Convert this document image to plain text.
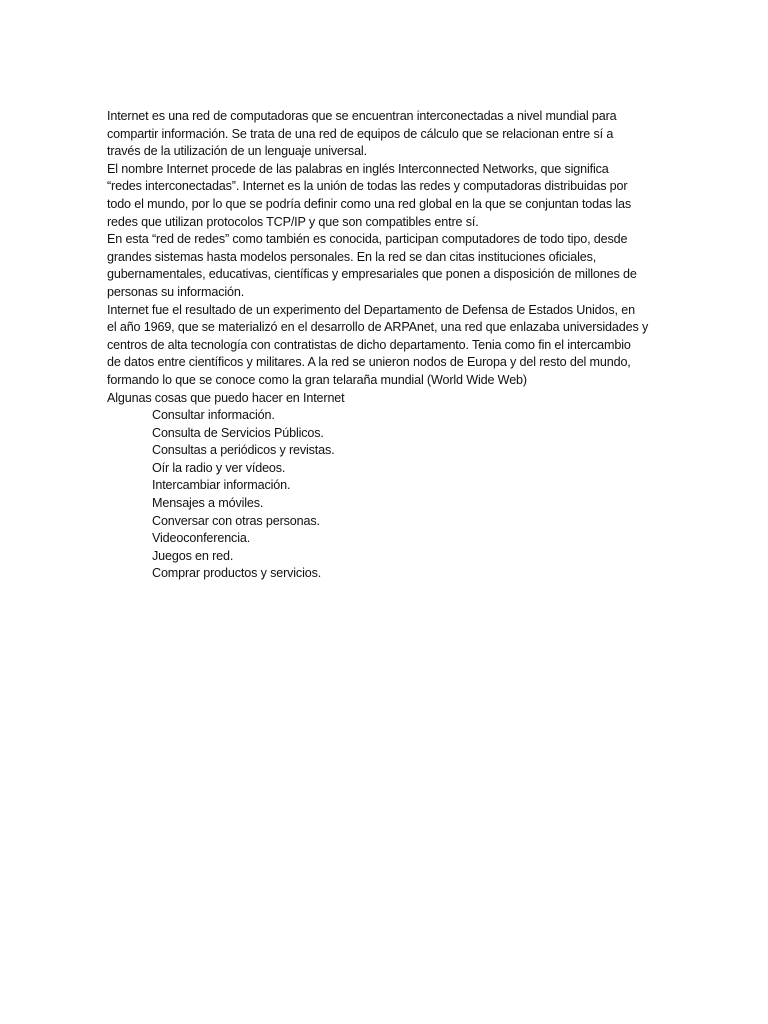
Internet es una red de computadoras que se encuentran interconectadas a nivel mundial para
compartir información. Se trata de una red de equipos de cálculo que se relacionan entre sí a
través de la utilización de un lenguaje universal.

El nombre Internet procede de las palabras en inglés Interconnected Networks, que significa
“redes interconectadas”. Internet es la unión de todas las redes y computadoras distribuidas por
todo el mundo, por lo que se podría definir como una red global en la que se conjuntan todas las
redes que utilizan protocolos TCP/IP y que son compatibles entre sí.

En esta “red de redes” como también es conocida, participan computadores de todo tipo, desde
grandes sistemas hasta modelos personales. En la red se dan citas instituciones oficiales,
gubernamentales, educativas, científicas y empresariales que ponen a disposición de millones de
personas su información.

Internet fue el resultado de un experimento del Departamento de Defensa de Estados Unidos, en
el año 1969, que se materializó en el desarrollo de ARPAnet, una red que enlazaba universidades y
centros de alta tecnología con contratistas de dicho departamento. Tenia como fin el intercambio
de datos entre científicos y militares. A la red se unieron nodos de Europa y del resto del mundo,
formando lo que se conoce como la gran telaraña mundial (World Wide Web)

Algunas cosas que puedo hacer en Internet

Consultar información.
Consulta de Servicios Públicos.
Consultas a periódicos y revistas.
Oír la radio y ver vídeos.
Intercambiar información.
Mensajes a móviles.
Conversar con otras personas.
Videoconferencia.
Juegos en red.
Comprar productos y servicios.
